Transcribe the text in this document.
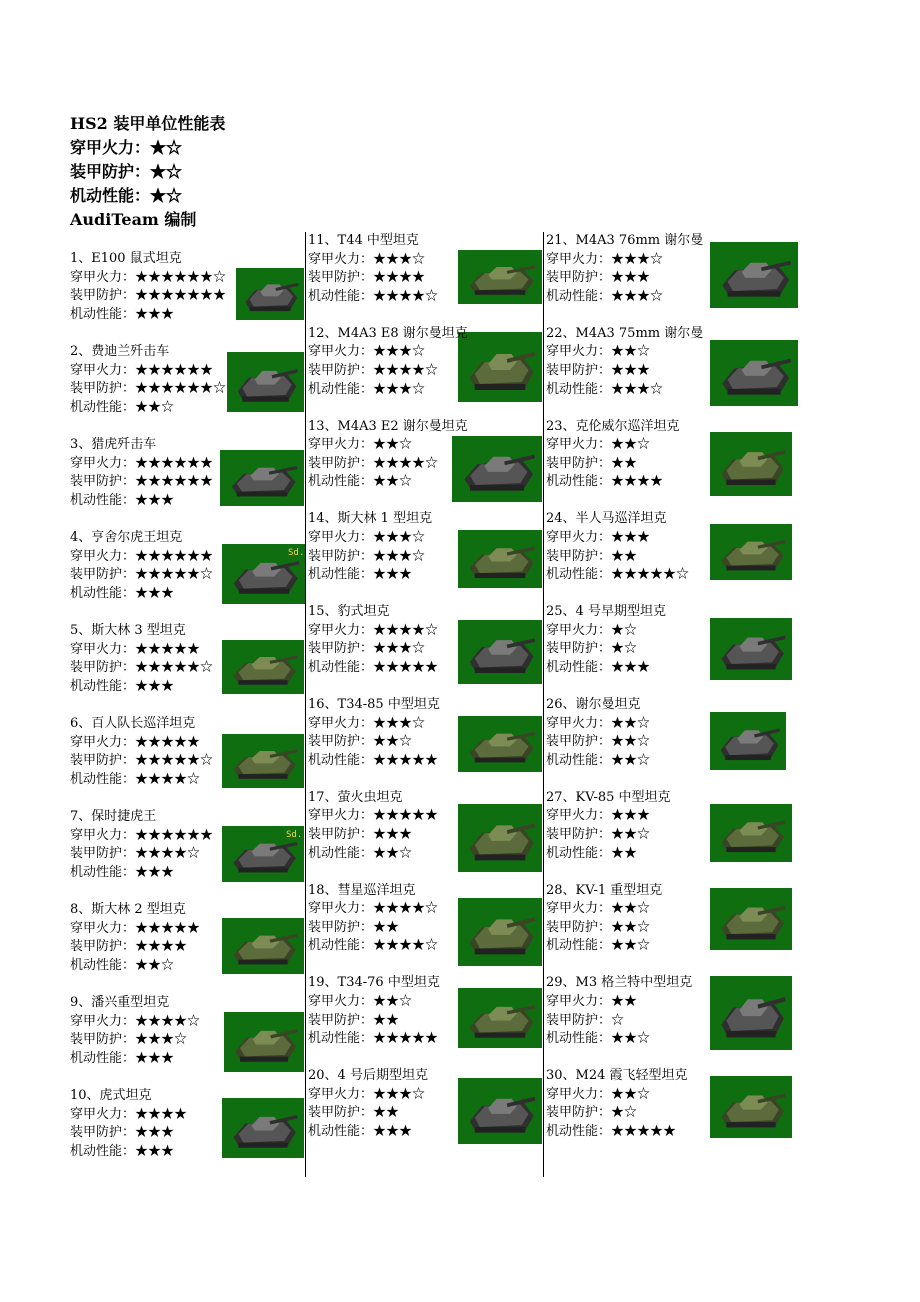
HS2 装甲单位性能表
穿甲火力：★☆
装甲防护：★☆
机动性能：★☆
AudiTeam 编制
1、E100 鼠式坦克
穿甲火力：★★★★★★☆
装甲防护：★★★★★★★
机动性能：★★★
2、费迪兰歼击车
穿甲火力：★★★★★★
装甲防护：★★★★★★☆
机动性能：★★☆
3、猎虎歼击车
穿甲火力：★★★★★★
装甲防护：★★★★★★
机动性能：★★★
4、亨舍尔虎王坦克
穿甲火力：★★★★★★
装甲防护：★★★★★☆
机动性能：★★★
5、斯大林 3 型坦克
穿甲火力：★★★★★
装甲防护：★★★★★☆
机动性能：★★★
6、百人队长巡洋坦克
穿甲火力：★★★★★
装甲防护：★★★★★☆
机动性能：★★★★☆
7、保时捷虎王
穿甲火力：★★★★★★
装甲防护：★★★★☆
机动性能：★★★
8、斯大林 2 型坦克
穿甲火力：★★★★★
装甲防护：★★★★
机动性能：★★☆
9、潘兴重型坦克
穿甲火力：★★★★☆
装甲防护：★★★☆
机动性能：★★★
10、虎式坦克
穿甲火力：★★★★
装甲防护：★★★
机动性能：★★★
Sd.
Sd.
11、T44 中型坦克
穿甲火力：★★★☆
装甲防护：★★★★
机动性能：★★★★☆
12、M4A3 E8 谢尔曼坦克
穿甲火力：★★★☆
装甲防护：★★★★☆
机动性能：★★★☆
13、M4A3 E2 谢尔曼坦克
穿甲火力：★★☆
装甲防护：★★★★☆
机动性能：★★☆
14、斯大林 1 型坦克
穿甲火力：★★★☆
装甲防护：★★★☆
机动性能：★★★
15、豹式坦克
穿甲火力：★★★★☆
装甲防护：★★★☆
机动性能：★★★★★
16、T34-85 中型坦克
穿甲火力：★★★☆
装甲防护：★★☆
机动性能：★★★★★
17、萤火虫坦克
穿甲火力：★★★★★
装甲防护：★★★
机动性能：★★☆
18、彗星巡洋坦克
穿甲火力：★★★★☆
装甲防护：★★
机动性能：★★★★☆
19、T34-76 中型坦克
穿甲火力：★★☆
装甲防护：★★
机动性能：★★★★★
20、4 号后期型坦克
穿甲火力：★★★☆
装甲防护：★★
机动性能：★★★
21、M4A3 76mm 谢尔曼
穿甲火力：★★★☆
装甲防护：★★★
机动性能：★★★☆
22、M4A3 75mm 谢尔曼
穿甲火力：★★☆
装甲防护：★★★
机动性能：★★★☆
23、克伦威尔巡洋坦克
穿甲火力：★★☆
装甲防护：★★
机动性能：★★★★
24、半人马巡洋坦克
穿甲火力：★★★
装甲防护：★★
机动性能：★★★★★☆
25、4 号早期型坦克
穿甲火力：★☆
装甲防护：★☆
机动性能：★★★
26、谢尔曼坦克
穿甲火力：★★☆
装甲防护：★★☆
机动性能：★★☆
27、KV-85 中型坦克
穿甲火力：★★★
装甲防护：★★☆
机动性能：★★
28、KV-1 重型坦克
穿甲火力：★★☆
装甲防护：★★☆
机动性能：★★☆
29、M3 格兰特中型坦克
穿甲火力：★★
装甲防护：☆
机动性能：★★☆
30、M24 霞飞轻型坦克
穿甲火力：★★☆
装甲防护：★☆
机动性能：★★★★★
